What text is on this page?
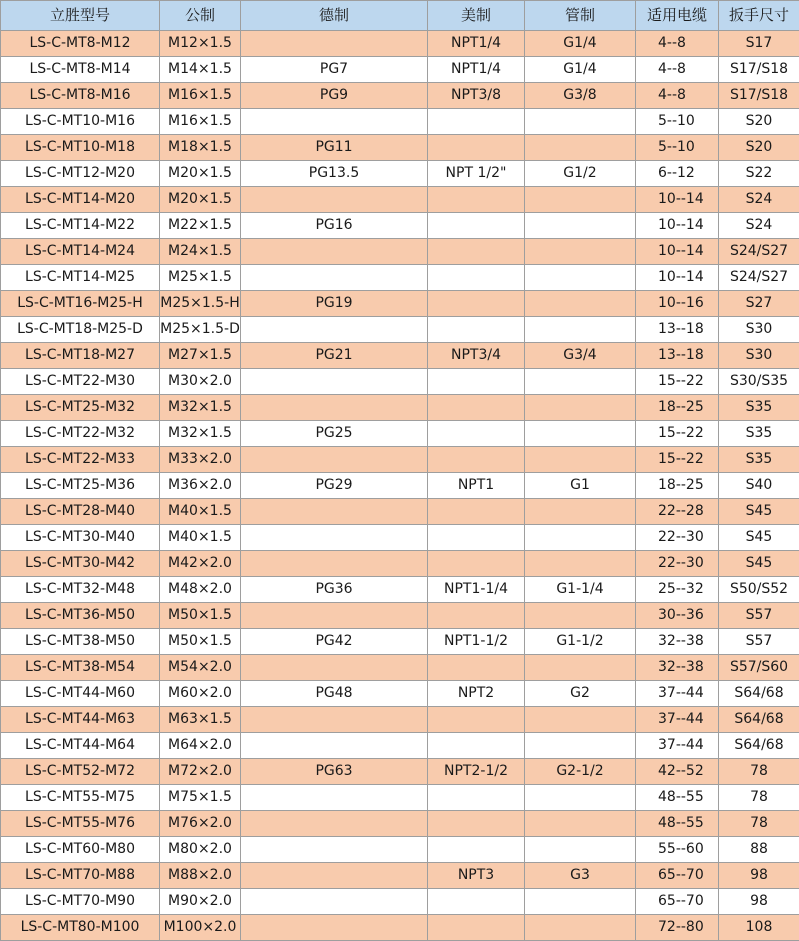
立胜型号	公制	德制	美制	管制	适用电缆	扳手尺寸
LS-C-MT8-M12	M12×1.5		NPT1/4	G1/4	4--8	S17
LS-C-MT8-M14	M14×1.5	PG7	NPT1/4	G1/4	4--8	S17/S18
LS-C-MT8-M16	M16×1.5	PG9	NPT3/8	G3/8	4--8	S17/S18
LS-C-MT10-M16	M16×1.5				5--10	S20
LS-C-MT10-M18	M18×1.5	PG11			5--10	S20
LS-C-MT12-M20	M20×1.5	PG13.5	NPT 1/2"	G1/2	6--12	S22
LS-C-MT14-M20	M20×1.5				10--14	S24
LS-C-MT14-M22	M22×1.5	PG16			10--14	S24
LS-C-MT14-M24	M24×1.5				10--14	S24/S27
LS-C-MT14-M25	M25×1.5				10--14	S24/S27
LS-C-MT16-M25-H	M25×1.5-H	PG19			10--16	S27
LS-C-MT18-M25-D	M25×1.5-D				13--18	S30
LS-C-MT18-M27	M27×1.5	PG21	NPT3/4	G3/4	13--18	S30
LS-C-MT22-M30	M30×2.0				15--22	S30/S35
LS-C-MT25-M32	M32×1.5				18--25	S35
LS-C-MT22-M32	M32×1.5	PG25			15--22	S35
LS-C-MT22-M33	M33×2.0				15--22	S35
LS-C-MT25-M36	M36×2.0	PG29	NPT1	G1	18--25	S40
LS-C-MT28-M40	M40×1.5				22--28	S45
LS-C-MT30-M40	M40×1.5				22--30	S45
LS-C-MT30-M42	M42×2.0				22--30	S45
LS-C-MT32-M48	M48×2.0	PG36	NPT1-1/4	G1-1/4	25--32	S50/S52
LS-C-MT36-M50	M50×1.5				30--36	S57
LS-C-MT38-M50	M50×1.5	PG42	NPT1-1/2	G1-1/2	32--38	S57
LS-C-MT38-M54	M54×2.0				32--38	S57/S60
LS-C-MT44-M60	M60×2.0	PG48	NPT2	G2	37--44	S64/68
LS-C-MT44-M63	M63×1.5				37--44	S64/68
LS-C-MT44-M64	M64×2.0				37--44	S64/68
LS-C-MT52-M72	M72×2.0	PG63	NPT2-1/2	G2-1/2	42--52	78
LS-C-MT55-M75	M75×1.5				48--55	78
LS-C-MT55-M76	M76×2.0				48--55	78
LS-C-MT60-M80	M80×2.0				55--60	88
LS-C-MT70-M88	M88×2.0		NPT3	G3	65--70	98
LS-C-MT70-M90	M90×2.0				65--70	98
LS-C-MT80-M100	M100×2.0				72--80	108
